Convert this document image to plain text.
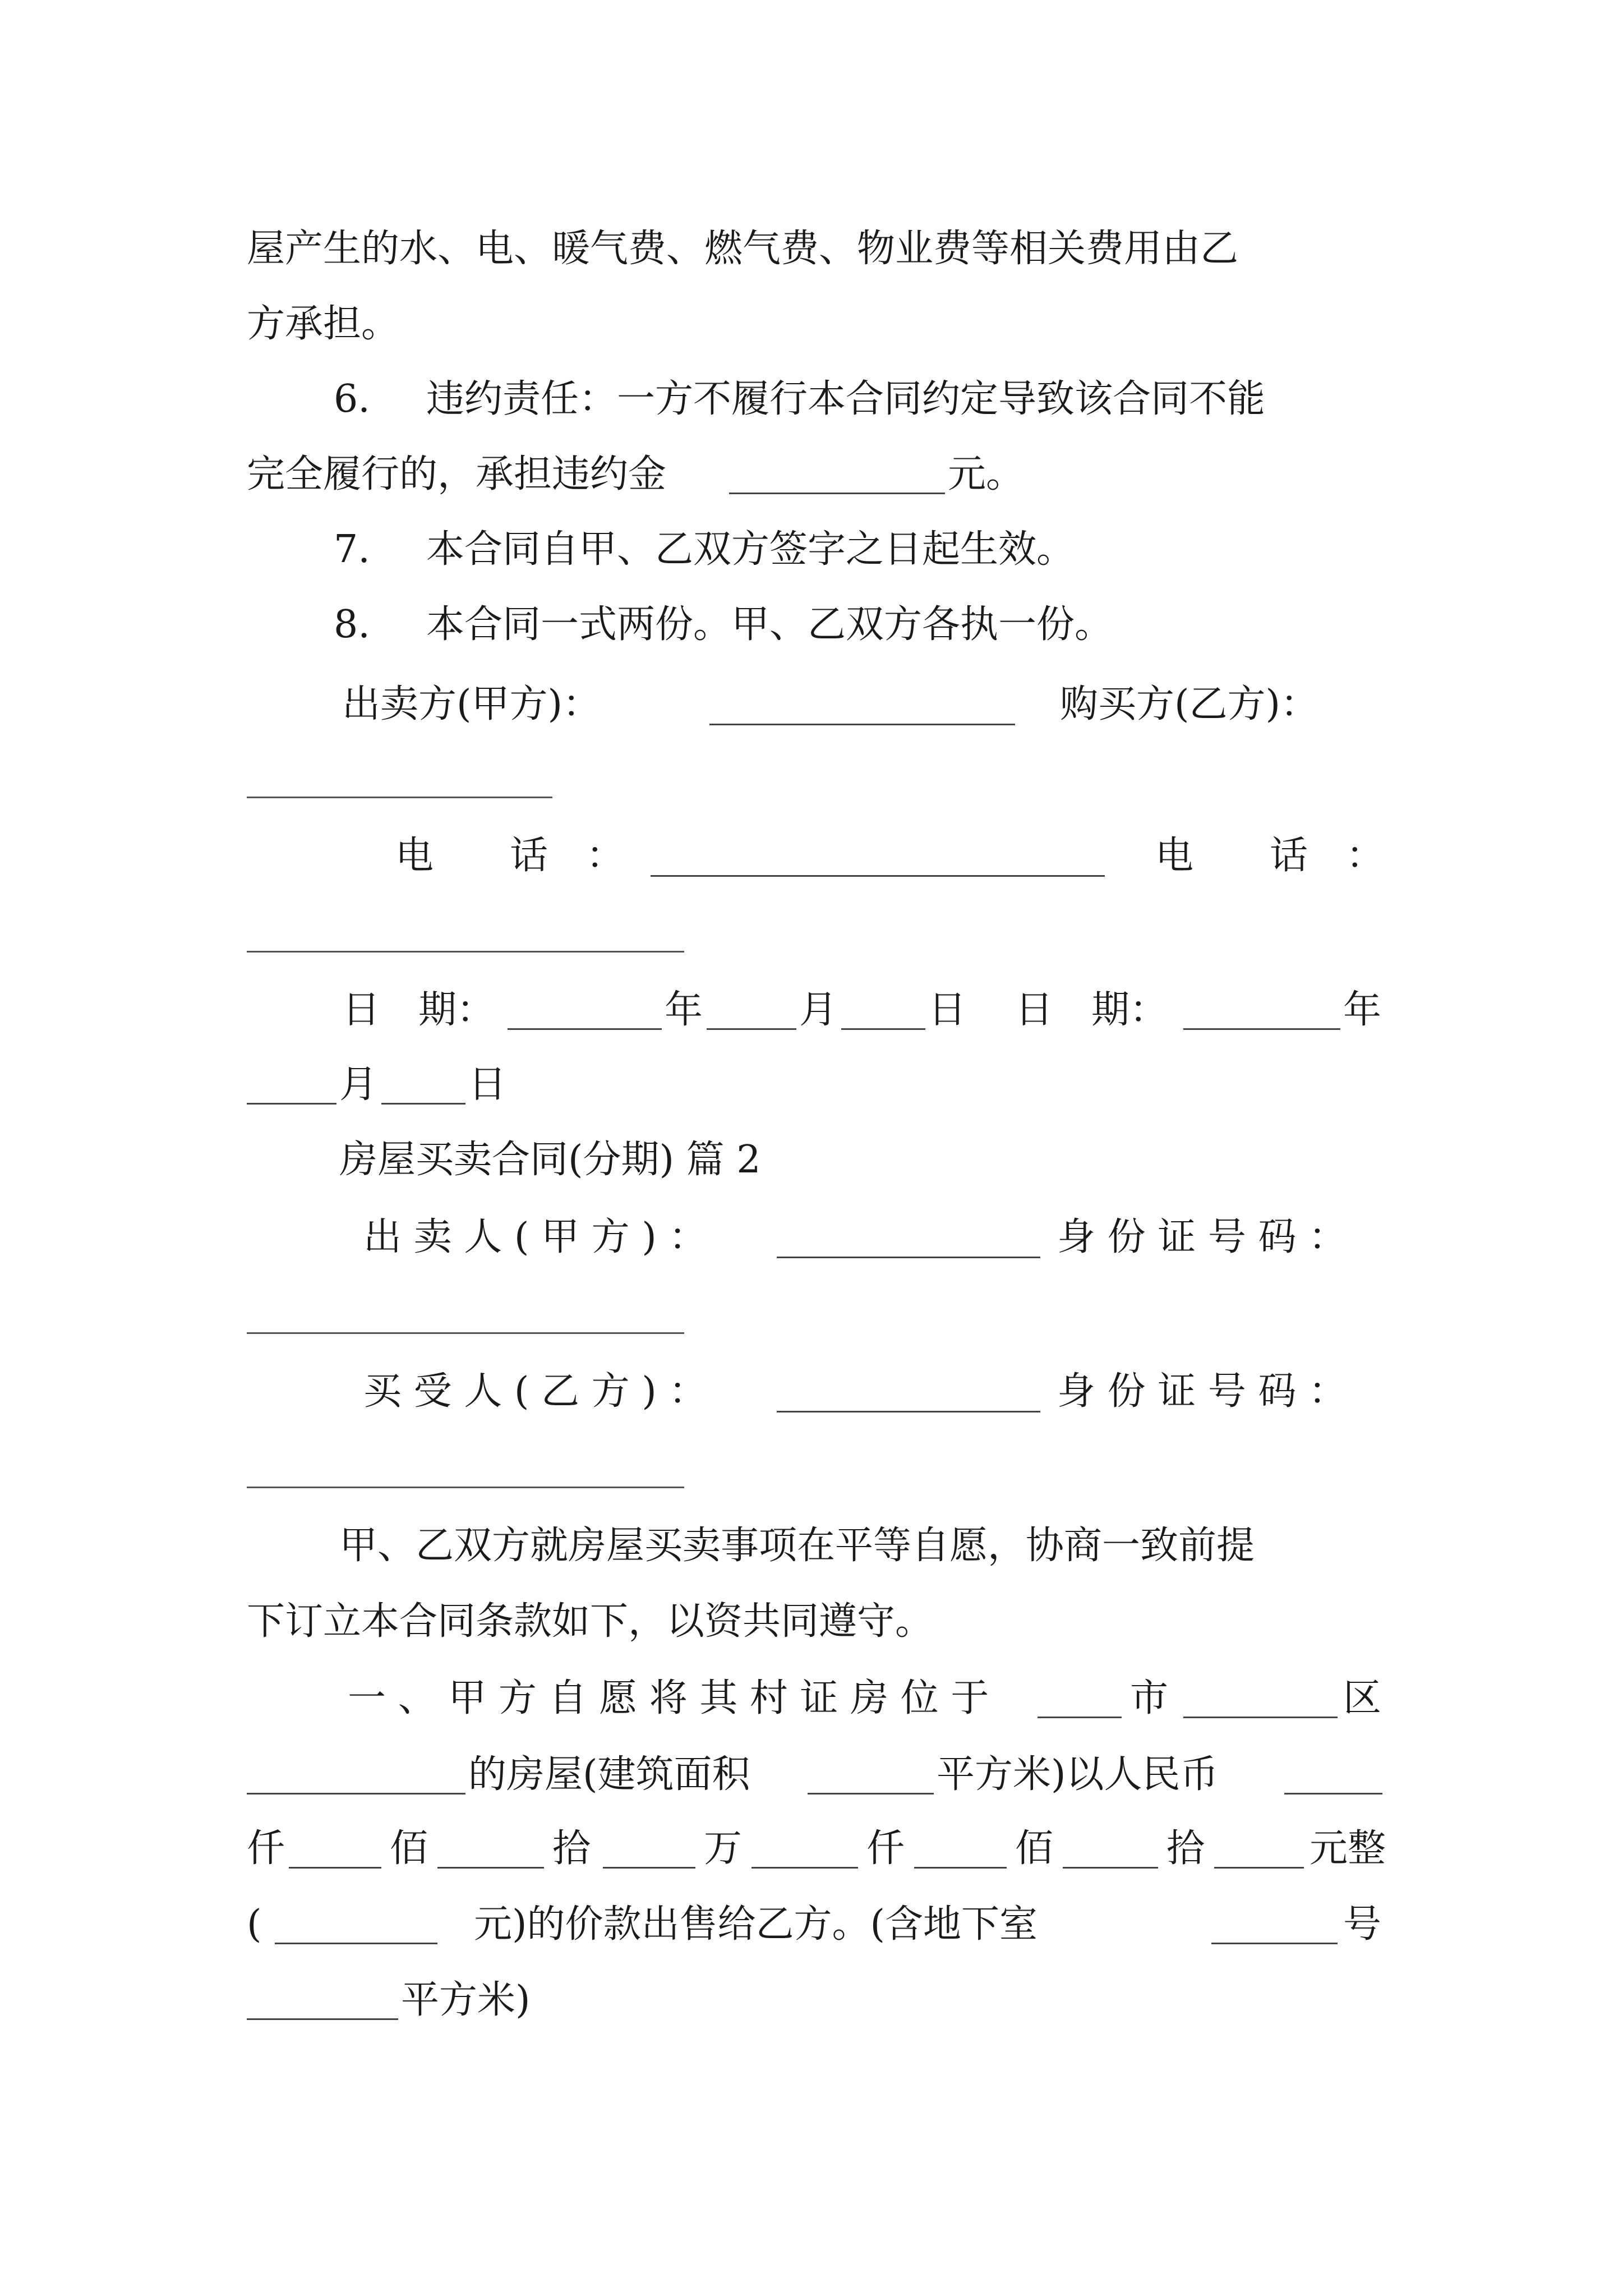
屋产生的水、电、暖气费、燃气费、物业费等相关费用由乙
方承担。
6. 违约责任：一方不履行本合同约定导致该合同不能
完全履行的，承担违约金	元。
7. 本合同自甲、乙双方签字之日起生效。
8. 本合同一式两份。甲、乙双方各执一份。
出卖方(甲方)：	购买方(乙方)：
电　　话　：	电　　话　：
日　期：	年	月 日 日　期：	年
月 日
房屋买卖合同(分期) 篇 2
出 卖 人 ( 甲 方 ) ：	身 份 证 号 码 ：
买 受 人 ( 乙 方 ) ：	身 份 证 号 码 ：
甲、乙双方就房屋买卖事项在平等自愿，协商一致前提
下订立本合同条款如下，以资共同遵守。
一 、 甲 方 自 愿 将 其 村 证 房 位 于	市	区
的房屋(建筑面积	平方米)以人民币
仟	佰	拾	万	仟	佰	拾	元整
(	元)的价款出售给乙方。(含地下室	号
平方米)
